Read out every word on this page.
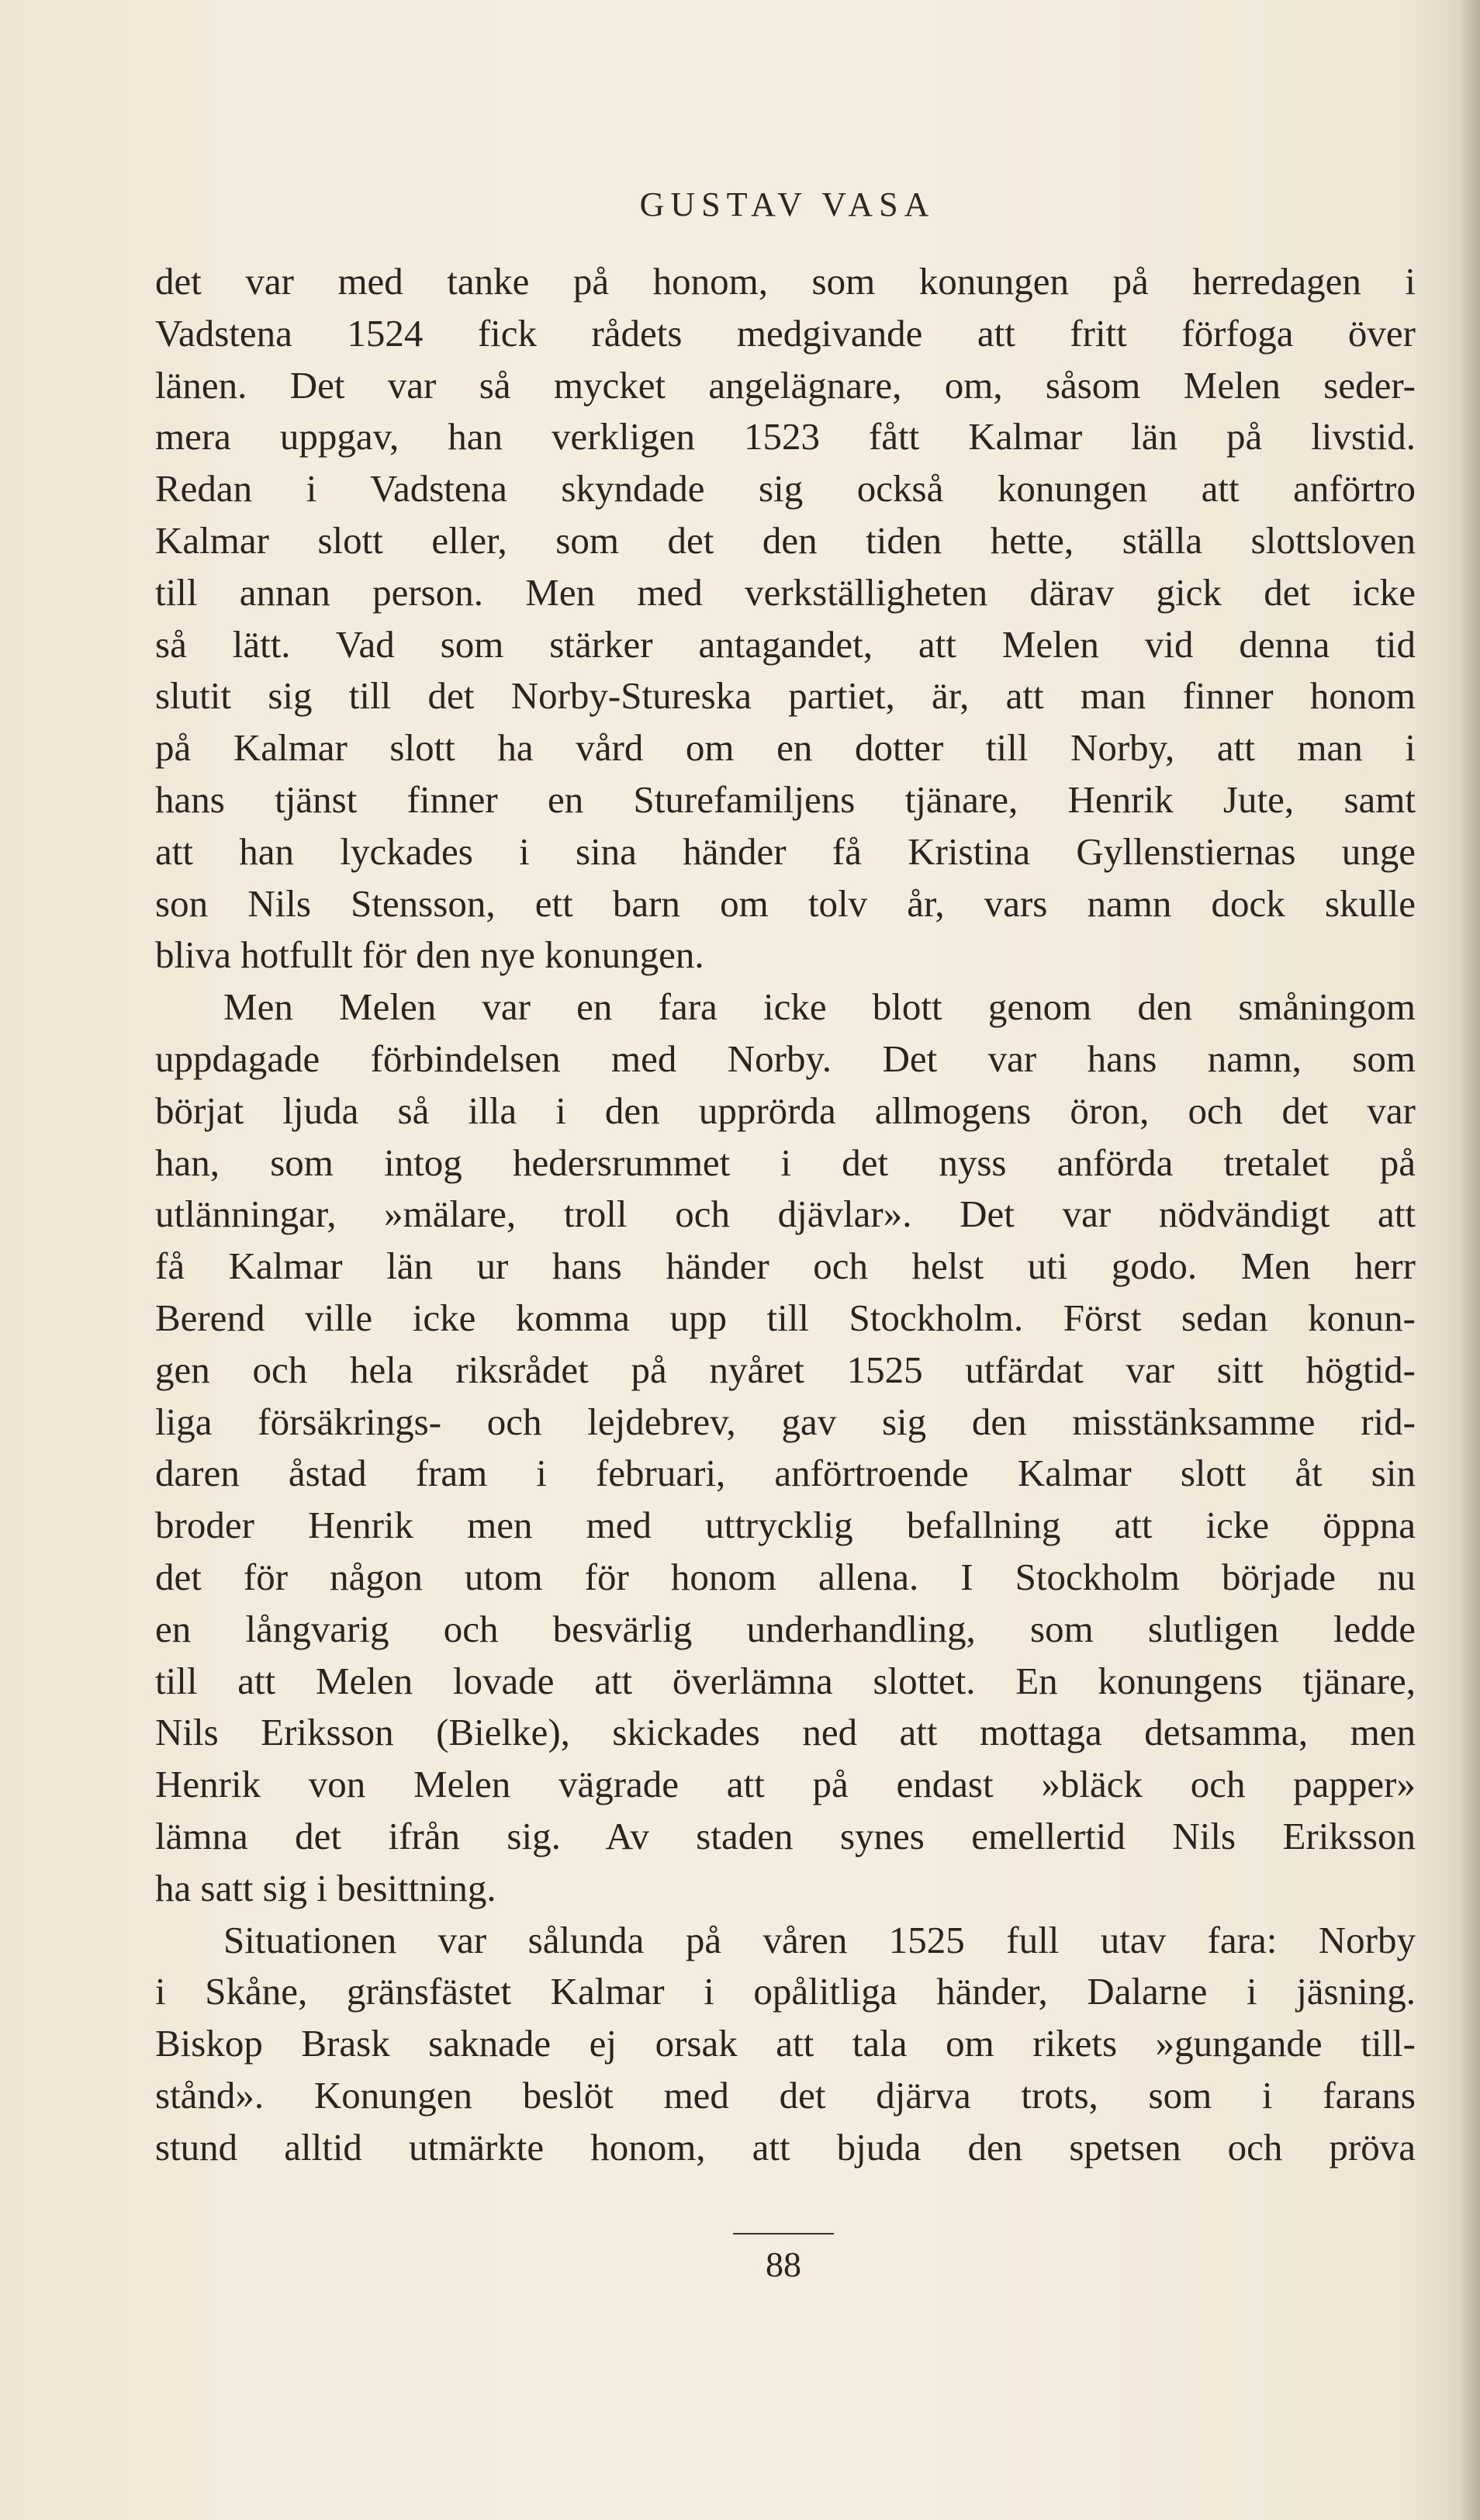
GUSTAV VASA
det var med tanke på honom, som konungen på herredagen i
Vadstena 1524 fick rådets medgivande att fritt förfoga över
länen. Det var så mycket angelägnare, om, såsom Melen seder-
mera uppgav, han verkligen 1523 fått Kalmar län på livstid.
Redan i Vadstena skyndade sig också konungen att anförtro
Kalmar slott eller, som det den tiden hette, ställa slottsloven
till annan person. Men med verkställigheten därav gick det icke
så lätt. Vad som stärker antagandet, att Melen vid denna tid
slutit sig till det Norby-Stureska partiet, är, att man finner honom
på Kalmar slott ha vård om en dotter till Norby, att man i
hans tjänst finner en Sturefamiljens tjänare, Henrik Jute, samt
att han lyckades i sina händer få Kristina Gyllenstiernas unge
son Nils Stensson, ett barn om tolv år, vars namn dock skulle
bliva hotfullt för den nye konungen.
Men Melen var en fara icke blott genom den småningom
uppdagade förbindelsen med Norby. Det var hans namn, som
börjat ljuda så illa i den upprörda allmogens öron, och det var
han, som intog hedersrummet i det nyss anförda tretalet på
utlänningar, »mälare, troll och djävlar». Det var nödvändigt att
få Kalmar län ur hans händer och helst uti godo. Men herr
Berend ville icke komma upp till Stockholm. Först sedan konun-
gen och hela riksrådet på nyåret 1525 utfärdat var sitt högtid-
liga försäkrings- och lejdebrev, gav sig den misstänksamme rid-
daren åstad fram i februari, anförtroende Kalmar slott åt sin
broder Henrik men med uttrycklig befallning att icke öppna
det för någon utom för honom allena. I Stockholm började nu
en långvarig och besvärlig underhandling, som slutligen ledde
till att Melen lovade att överlämna slottet. En konungens tjänare,
Nils Eriksson (Bielke), skickades ned att mottaga detsamma, men
Henrik von Melen vägrade att på endast »bläck och papper»
lämna det ifrån sig. Av staden synes emellertid Nils Eriksson
ha satt sig i besittning.
Situationen var sålunda på våren 1525 full utav fara: Norby
i Skåne, gränsfästet Kalmar i opålitliga händer, Dalarne i jäsning.
Biskop Brask saknade ej orsak att tala om rikets »gungande till-
stånd». Konungen beslöt med det djärva trots, som i farans
stund alltid utmärkte honom, att bjuda den spetsen och pröva
88
